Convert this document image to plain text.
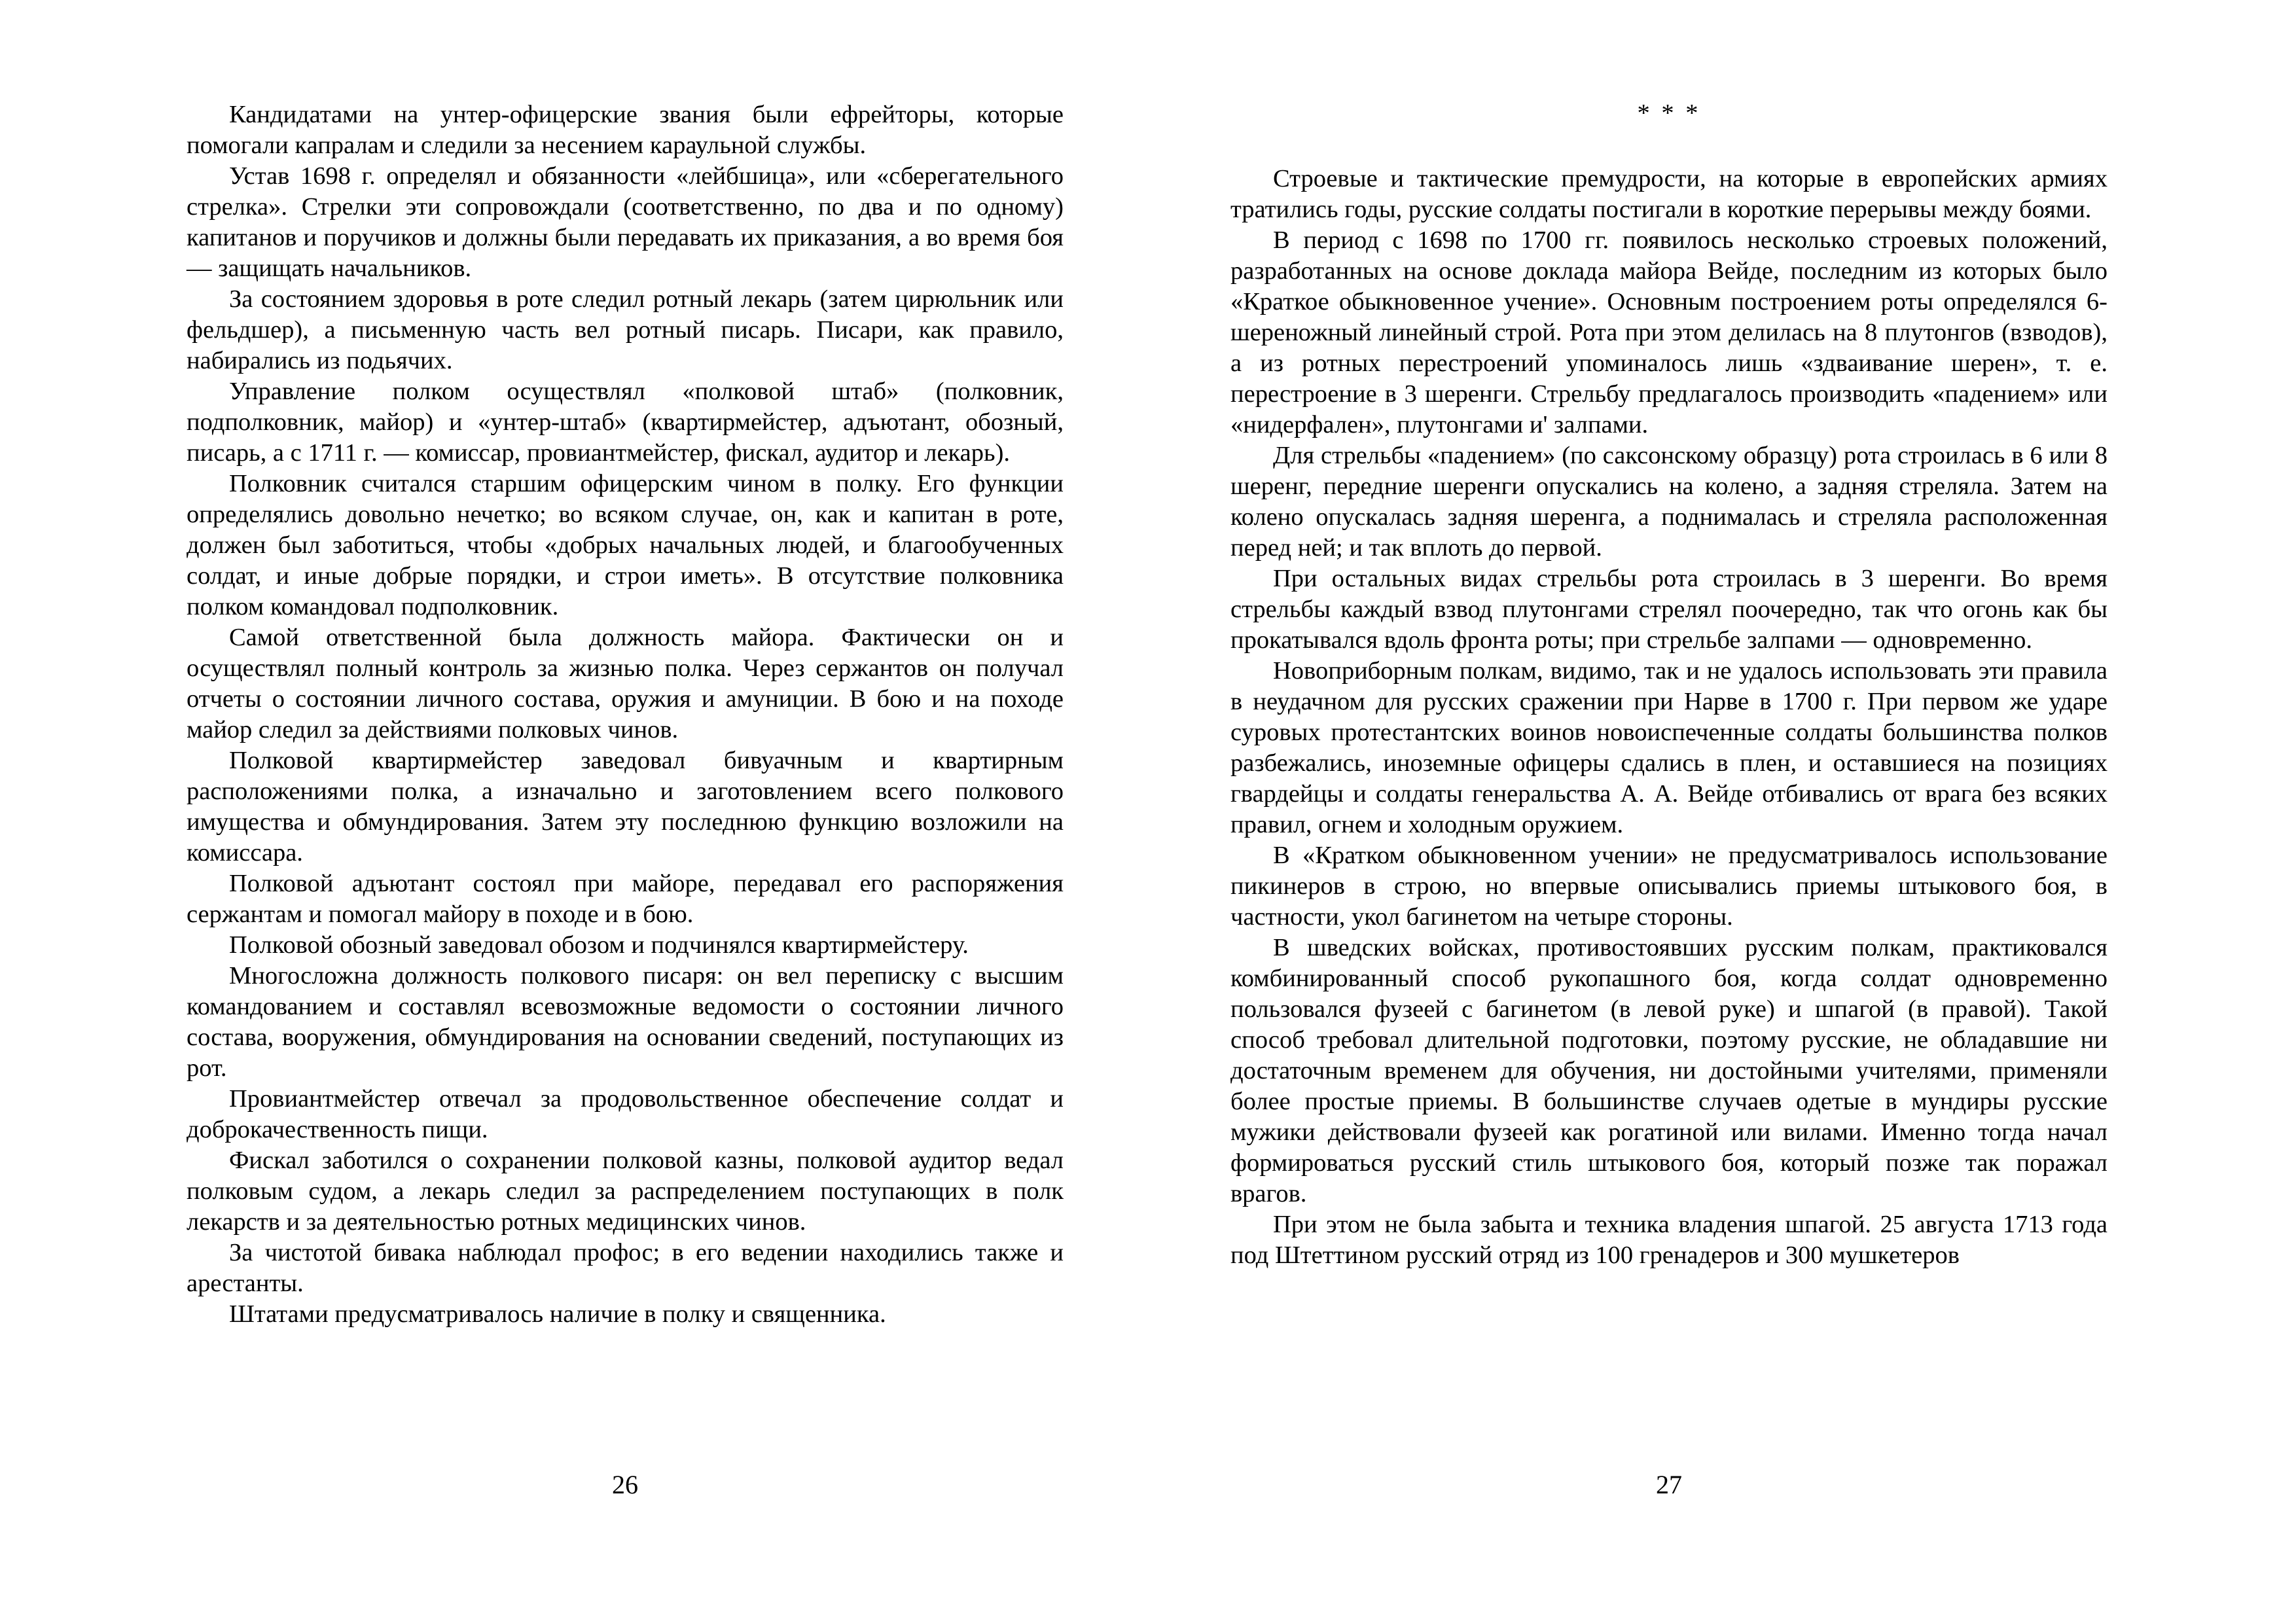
Кандидатами на унтер-офицерские звания были ефрейторы, которые помогали капралам и следили за несением караульной службы.

Устав 1698 г. определял и обязанности «лейбшица», или «сберегательного стрелка». Стрелки эти сопровождали (соответственно, по два и по одному) капитанов и поручиков и должны были передавать их приказания, а во время боя — защищать начальников.

За состоянием здоровья в роте следил ротный лекарь (затем цирюльник или фельдшер), а письменную часть вел ротный писарь. Писари, как правило, набирались из подьячих.

Управление полком осуществлял «полковой штаб» (полковник, подполковник, майор) и «унтер-штаб» (квартирмейстер, адъютант, обозный, писарь, а с 1711 г. — комиссар, провиантмейстер, фискал, аудитор и лекарь).

Полковник считался старшим офицерским чином в полку. Его функции определялись довольно нечетко; во всяком случае, он, как и капитан в роте, должен был заботиться, чтобы «добрых начальных людей, и благообученных солдат, и иные добрые порядки, и строи иметь». В отсутствие полковника полком командовал подполковник.

Самой ответственной была должность майора. Фактически он и осуществлял полный контроль за жизнью полка. Через сержантов он получал отчеты о состоянии личного состава, оружия и амуниции. В бою и на походе майор следил за действиями полковых чинов.

Полковой квартирмейстер заведовал бивуачным и квартирным расположениями полка, а изначально и заготовлением всего полкового имущества и обмундирования. Затем эту последнюю функцию возложили на комиссара.

Полковой адъютант состоял при майоре, передавал его распоряжения сержантам и помогал майору в походе и в бою.

Полковой обозный заведовал обозом и подчинялся квартирмейстеру.

Многосложна должность полкового писаря: он вел переписку с высшим командованием и составлял всевозможные ведомости о состоянии личного состава, вооружения, обмундирования на основании сведений, поступающих из рот.

Провиантмейстер отвечал за продовольственное обеспечение солдат и доброкачественность пищи.

Фискал заботился о сохранении полковой казны, полковой аудитор ведал полковым судом, а лекарь следил за распределением поступающих в полк лекарств и за деятельностью ротных медицинских чинов.

За чистотой бивака наблюдал профос; в его ведении находились также и арестанты.

Штатами предусматривалось наличие в полку и священника.

26
* * *

Строевые и тактические премудрости, на которые в европейских армиях тратились годы, русские солдаты постигали в короткие перерывы между боями.

В период с 1698 по 1700 гг. появилось несколько строевых положений, разработанных на основе доклада майора Вейде, последним из которых было «Краткое обыкновенное учение». Основным построением роты определялся 6-шереножный линейный строй. Рота при этом делилась на 8 плутонгов (взводов), а из ротных перестроений упоминалось лишь «здваивание шерен», т. е. перестроение в 3 шеренги. Стрельбу предлагалось производить «падением» или «нидерфален», плутонгами и' залпами.

Для стрельбы «падением» (по саксонскому образцу) рота строилась в 6 или 8 шеренг, передние шеренги опускались на колено, а задняя стреляла. Затем на колено опускалась задняя шеренга, а поднималась и стреляла расположенная перед ней; и так вплоть до первой.

При остальных видах стрельбы рота строилась в 3 шеренги. Во время стрельбы каждый взвод плутонгами стрелял поочередно, так что огонь как бы прокатывался вдоль фронта роты; при стрельбе залпами — одновременно.

Новоприборным полкам, видимо, так и не удалось использовать эти правила в неудачном для русских сражении при Нарве в 1700 г. При первом же ударе суровых протестантских воинов новоиспеченные солдаты большинства полков разбежались, иноземные офицеры сдались в плен, и оставшиеся на позициях гвардейцы и солдаты генеральства А. А. Вейде отбивались от врага без всяких правил, огнем и холодным оружием.

В «Кратком обыкновенном учении» не предусматривалось использование пикинеров в строю, но впервые описывались приемы штыкового боя, в частности, укол багинетом на четыре стороны.

В шведских войсках, противостоявших русским полкам, практиковался комбинированный способ рукопашного боя, когда солдат одновременно пользовался фузеей с багинетом (в левой руке) и шпагой (в правой). Такой способ требовал длительной подготовки, поэтому русские, не обладавшие ни достаточным временем для обучения, ни достойными учителями, применяли более простые приемы. В большинстве случаев одетые в мундиры русские мужики действовали фузеей как рогатиной или вилами. Именно тогда начал формироваться русский стиль штыкового боя, который позже так поражал врагов.

При этом не была забыта и техника владения шпагой. 25 августа 1713 года под Штеттином русский отряд из 100 гренадеров и 300 мушкетеров

27
